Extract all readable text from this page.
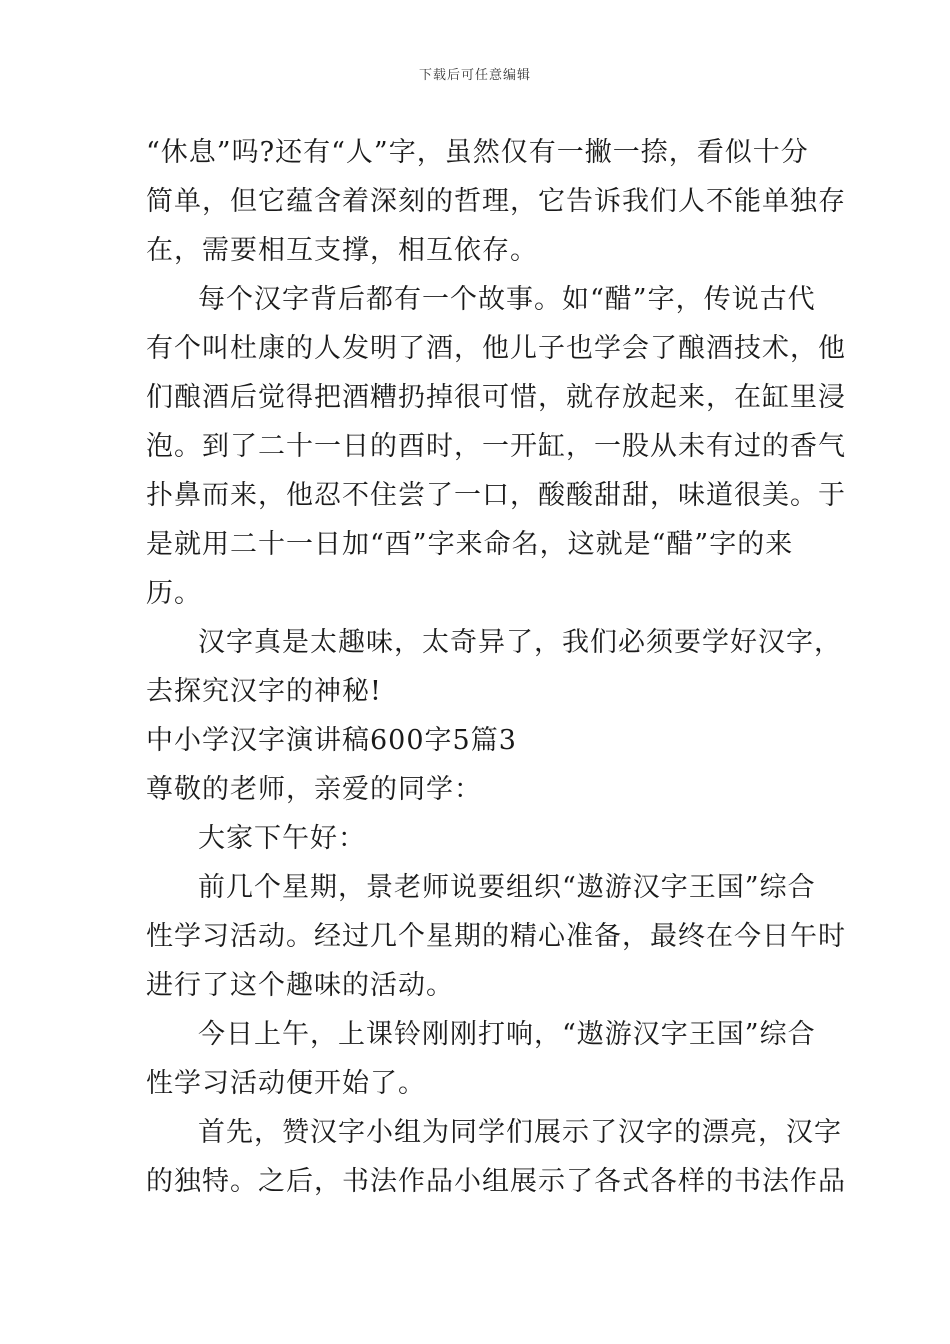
下载后可任意编辑
“休息”吗?还有“人”字，虽然仅有一撇一捺，看似十分
简单，但它蕴含着深刻的哲理，它告诉我们人不能单独存
在，需要相互支撑，相互依存。
每个汉字背后都有一个故事。如“醋”字，传说古代
有个叫杜康的人发明了酒，他儿子也学会了酿酒技术，他
们酿酒后觉得把酒糟扔掉很可惜，就存放起来，在缸里浸
泡。到了二十一日的酉时，一开缸，一股从未有过的香气
扑鼻而来，他忍不住尝了一口，酸酸甜甜，味道很美。于
是就用二十一日加“酉”字来命名，这就是“醋”字的来
历。
汉字真是太趣味，太奇异了，我们必须要学好汉字，
去探究汉字的神秘!
中小学汉字演讲稿600字5篇3
尊敬的老师，亲爱的同学：
大家下午好：
前几个星期，景老师说要组织“遨游汉字王国”综合
性学习活动。经过几个星期的精心准备，最终在今日午时
进行了这个趣味的活动。
今日上午，上课铃刚刚打响，“遨游汉字王国”综合
性学习活动便开始了。
首先，赞汉字小组为同学们展示了汉字的漂亮，汉字
的独特。之后，书法作品小组展示了各式各样的书法作品
